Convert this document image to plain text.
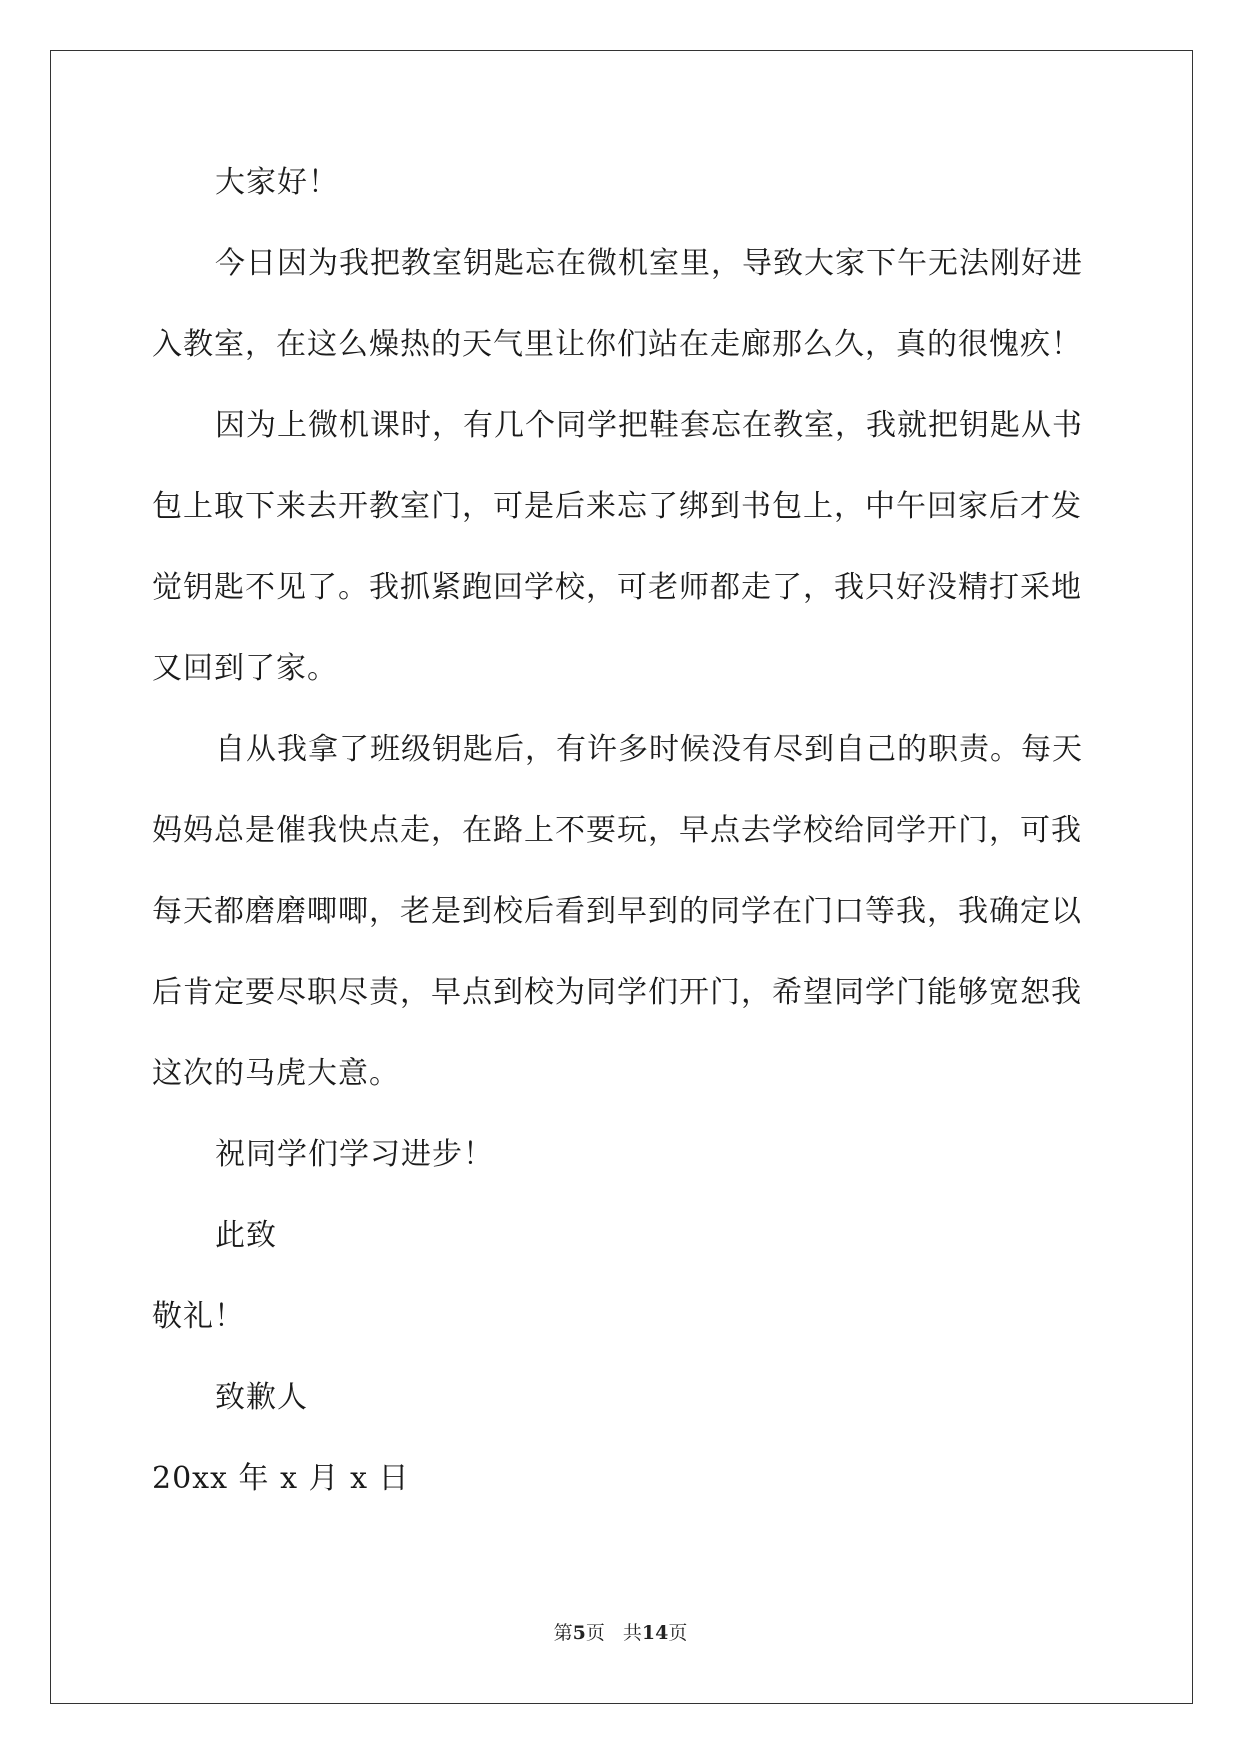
大家好！
今日因为我把教室钥匙忘在微机室里，导致大家下午无法刚好进
入教室，在这么燥热的天气里让你们站在走廊那么久，真的很愧疚！
因为上微机课时，有几个同学把鞋套忘在教室，我就把钥匙从书
包上取下来去开教室门，可是后来忘了绑到书包上，中午回家后才发
觉钥匙不见了。我抓紧跑回学校，可老师都走了，我只好没精打采地
又回到了家。
自从我拿了班级钥匙后，有许多时候没有尽到自己的职责。每天
妈妈总是催我快点走，在路上不要玩，早点去学校给同学开门，可我
每天都磨磨唧唧，老是到校后看到早到的同学在门口等我，我确定以
后肯定要尽职尽责，早点到校为同学们开门，希望同学门能够宽恕我
这次的马虎大意。
祝同学们学习进步！
此致
敬礼！
致歉人
20xx 年 x 月 x 日
第5页 共14页
